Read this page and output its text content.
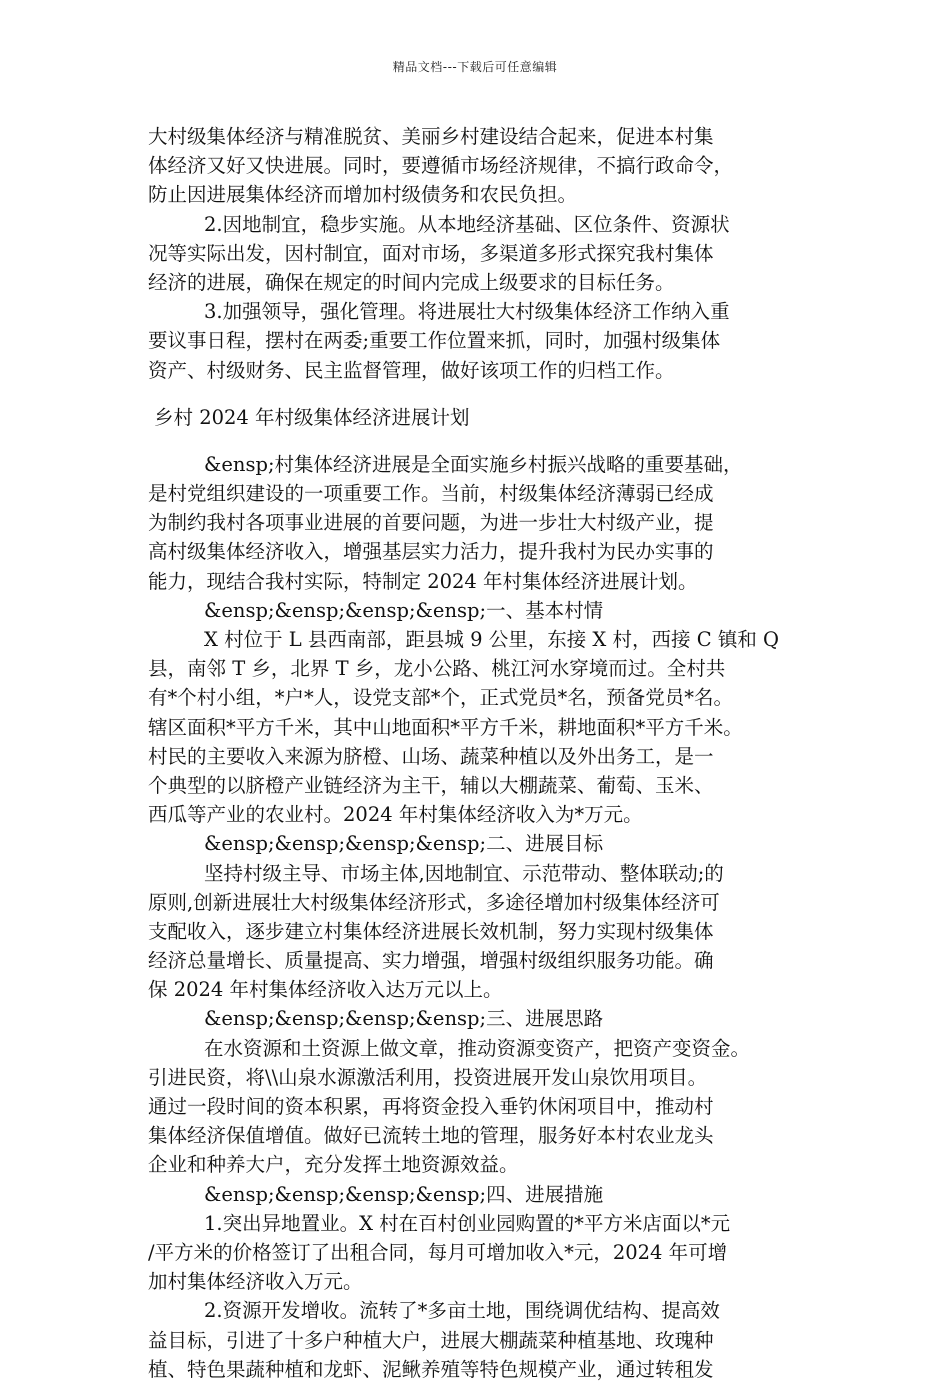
精品文档---下载后可任意编辑
大村级集体经济与精准脱贫、美丽乡村建设结合起来，促进本村集
体经济又好又快进展。同时，要遵循市场经济规律，不搞行政命令，
防止因进展集体经济而增加村级债务和农民负担。
2.因地制宜，稳步实施。从本地经济基础、区位条件、资源状
况等实际出发，因村制宜，面对市场，多渠道多形式探究我村集体
经济的进展，确保在规定的时间内完成上级要求的目标任务。
3.加强领导，强化管理。将进展壮大村级集体经济工作纳入重
要议事日程，摆村在两委;重要工作位置来抓，同时，加强村级集体
资产、村级财务、民主监督管理，做好该项工作的归档工作。
乡村 2024 年村级集体经济进展计划
&ensp;村集体经济进展是全面实施乡村振兴战略的重要基础，
是村党组织建设的一项重要工作。当前，村级集体经济薄弱已经成
为制约我村各项事业进展的首要问题，为进一步壮大村级产业，提
高村级集体经济收入，增强基层实力活力，提升我村为民办实事的
能力，现结合我村实际，特制定 2024 年村集体经济进展计划。
&ensp;&ensp;&ensp;&ensp;一、基本村情
X 村位于 L 县西南部，距县城 9 公里，东接 X 村，西接 C 镇和 Q
县，南邻 T 乡，北界 T 乡，龙小公路、桃江河水穿境而过。全村共
有*个村小组，*户*人，设党支部*个，正式党员*名，预备党员*名。
辖区面积*平方千米，其中山地面积*平方千米，耕地面积*平方千米。
村民的主要收入来源为脐橙、山场、蔬菜种植以及外出务工，是一
个典型的以脐橙产业链经济为主干，辅以大棚蔬菜、葡萄、玉米、
西瓜等产业的农业村。2024 年村集体经济收入为*万元。
&ensp;&ensp;&ensp;&ensp;二、进展目标
坚持村级主导、市场主体,因地制宜、示范带动、整体联动;的
原则,创新进展壮大村级集体经济形式，多途径增加村级集体经济可
支配收入，逐步建立村集体经济进展长效机制，努力实现村级集体
经济总量增长、质量提高、实力增强，增强村级组织服务功能。确
保 2024 年村集体经济收入达万元以上。
&ensp;&ensp;&ensp;&ensp;三、进展思路
在水资源和土资源上做文章，推动资源变资产，把资产变资金。
引进民资，将\\山泉水源激活利用，投资进展开发山泉饮用项目。
通过一段时间的资本积累，再将资金投入垂钓休闲项目中，推动村
集体经济保值增值。做好已流转土地的管理，服务好本村农业龙头
企业和种养大户，充分发挥土地资源效益。
&ensp;&ensp;&ensp;&ensp;四、进展措施
1.突出异地置业。X 村在百村创业园购置的*平方米店面以*元
/平方米的价格签订了出租合同，每月可增加收入*元，2024 年可增
加村集体经济收入万元。
2.资源开发增收。流转了*多亩土地，围绕调优结构、提高效
益目标，引进了十多户种植大户，进展大棚蔬菜种植基地、玫瑰种
植、特色果蔬种植和龙虾、泥鳅养殖等特色规模产业，通过转租发
